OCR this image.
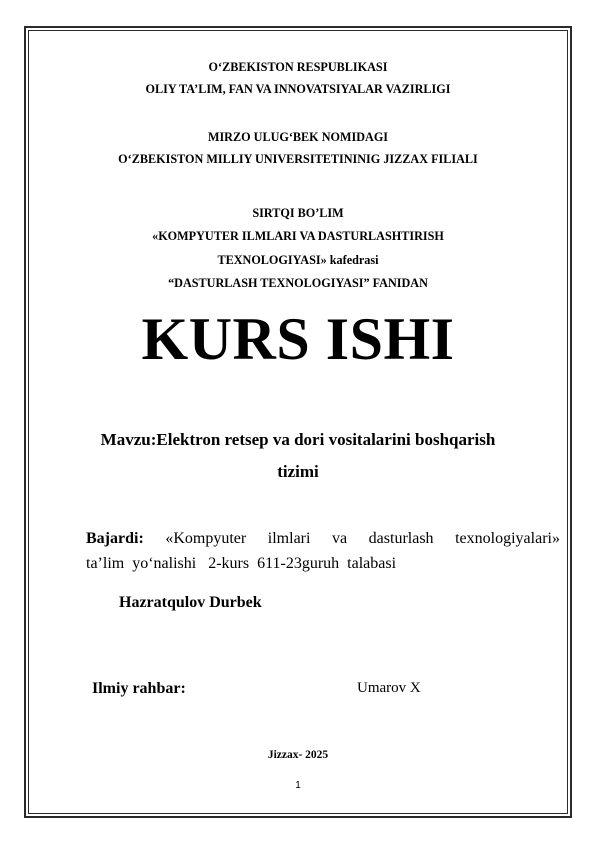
O‘ZBEKISTON RESPUBLIKASI
OLIY TA’LIM, FAN VA INNOVATSIYALAR VAZIRLIGI
MIRZO ULUG‘BEK NOMIDAGI
O‘ZBEKISTON MILLIY UNIVERSITETININIG JIZZAX FILIALI
SIRTQI BO’LIM
«KOMPYUTER ILMLARI VA DASTURLASHTIRISH
TEXNOLOGIYASI» kafedrasi
“DASTURLASH TEXNOLOGIYASI” FANIDAN
KURS ISHI
Mavzu:Elektron retsep va dori vositalarini boshqarish
tizimi
Bajardi: «Kompyuter ilmlari va dasturlash texnologiyalari»
ta’lim  yo‘nalishi   2-kurs  611-23guruh  talabasi
Hazratqulov Durbek
Ilmiy rahbar:	Umarov X
Jizzax- 2025
1
